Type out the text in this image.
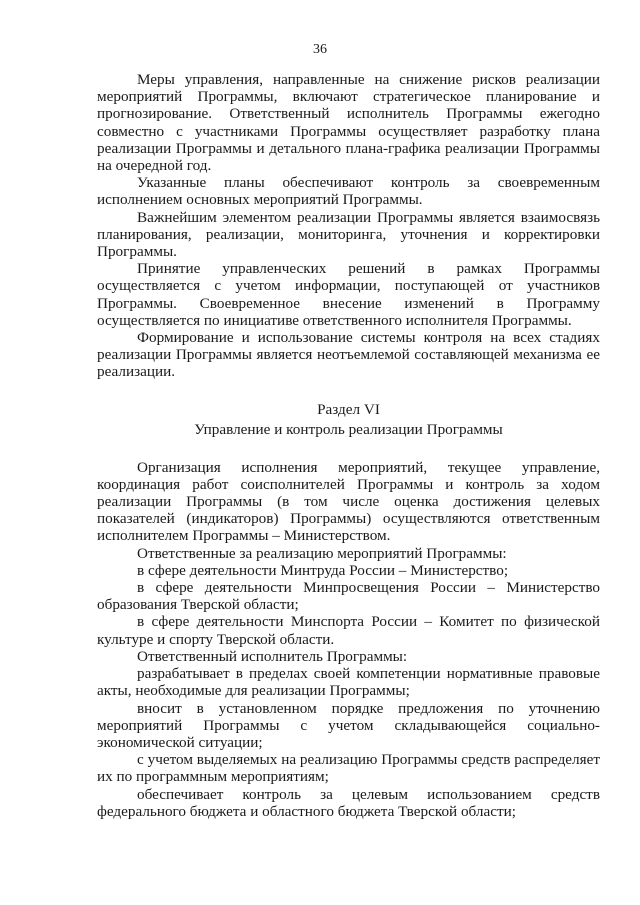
36

Меры управления, направленные на снижение рисков реализации мероприятий Программы, включают стратегическое планирование и прогнозирование. Ответственный исполнитель Программы ежегодно совместно с участниками Программы осуществляет разработку плана реализации Программы и детального плана-графика реализации Программы на очередной год.

Указанные планы обеспечивают контроль за своевременным исполнением основных мероприятий Программы.

Важнейшим элементом реализации Программы является взаимосвязь планирования, реализации, мониторинга, уточнения и корректировки Программы.

Принятие управленческих решений в рамках Программы осуществляется с учетом информации, поступающей от участников Программы. Своевременное внесение изменений в Программу осуществляется по инициативе ответственного исполнителя Программы.

Формирование и использование системы контроля на всех стадиях реализации Программы является неотъемлемой составляющей механизма ее реализации.

Раздел VI
Управление и контроль реализации Программы

Организация исполнения мероприятий, текущее управление, координация работ соисполнителей Программы и контроль за ходом реализации Программы (в том числе оценка достижения целевых показателей (индикаторов) Программы) осуществляются ответственным исполнителем Программы – Министерством.

Ответственные за реализацию мероприятий Программы:

в сфере деятельности Минтруда России – Министерство;

в сфере деятельности Минпросвещения России – Министерство образования Тверской области;

в сфере деятельности Минспорта России – Комитет по физической культуре и спорту Тверской области.

Ответственный исполнитель Программы:

разрабатывает в пределах своей компетенции нормативные правовые акты, необходимые для реализации Программы;

вносит в установленном порядке предложения по уточнению мероприятий Программы с учетом складывающейся социально-экономической ситуации;

с учетом выделяемых на реализацию Программы средств распределяет их по программным мероприятиям;

обеспечивает контроль за целевым использованием средств федерального бюджета и областного бюджета Тверской области;
